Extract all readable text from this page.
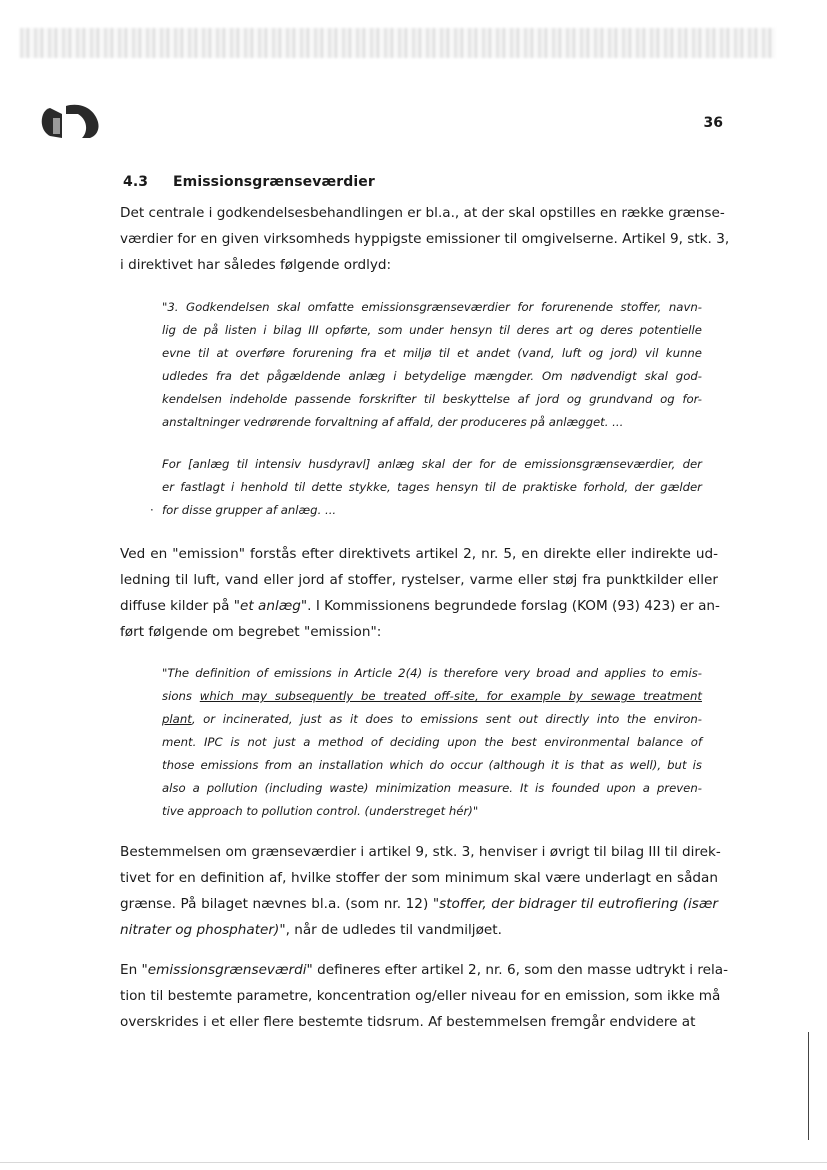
36
4.3 Emissionsgrænseværdier
Det centrale i godkendelsesbehandlingen er bl.a., at der skal opstilles en række grænse-
værdier for en given virksomheds hyppigste emissioner til omgivelserne. Artikel 9, stk. 3,
i direktivet har således følgende ordlyd:
"3. Godkendelsen skal omfatte emissionsgrænseværdier for forurenende stoffer, navn-
lig de på listen i bilag III opførte, som under hensyn til deres art og deres potentielle
evne til at overføre forurening fra et miljø til et andet (vand, luft og jord) vil kunne
udledes fra det pågældende anlæg i betydelige mængder. Om nødvendigt skal god-
kendelsen indeholde passende forskrifter til beskyttelse af jord og grundvand og for-
anstaltninger vedrørende forvaltning af affald, der produceres på anlægget. ...
For [anlæg til intensiv husdyravl] anlæg skal der for de emissionsgrænseværdier, der
er fastlagt i henhold til dette stykke, tages hensyn til de praktiske forhold, der gælder
· for disse grupper af anlæg. ...
Ved en "emission" forstås efter direktivets artikel 2, nr. 5, en direkte eller indirekte ud-
ledning til luft, vand eller jord af stoffer, rystelser, varme eller støj fra punktkilder eller
diffuse kilder på "et anlæg". I Kommissionens begrundede forslag (KOM (93) 423) er an-
ført følgende om begrebet "emission":
"The definition of emissions in Article 2(4) is therefore very broad and applies to emis-
sions which may subsequently be treated off-site, for example by sewage treatment
plant, or incinerated, just as it does to emissions sent out directly into the environ-
ment. IPC is not just a method of deciding upon the best environmental balance of
those emissions from an installation which do occur (although it is that as well), but is
also a pollution (including waste) minimization measure. It is founded upon a preven-
tive approach to pollution control. (understreget hér)"
Bestemmelsen om grænseværdier i artikel 9, stk. 3, henviser i øvrigt til bilag III til direk-
tivet for en definition af, hvilke stoffer der som minimum skal være underlagt en sådan
grænse. På bilaget nævnes bl.a. (som nr. 12) "stoffer, der bidrager til eutrofiering (især
nitrater og phosphater)", når de udledes til vandmiljøet.
En "emissionsgrænseværdi" defineres efter artikel 2, nr. 6, som den masse udtrykt i rela-
tion til bestemte parametre, koncentration og/eller niveau for en emission, som ikke må
overskrides i et eller flere bestemte tidsrum. Af bestemmelsen fremgår endvidere at
